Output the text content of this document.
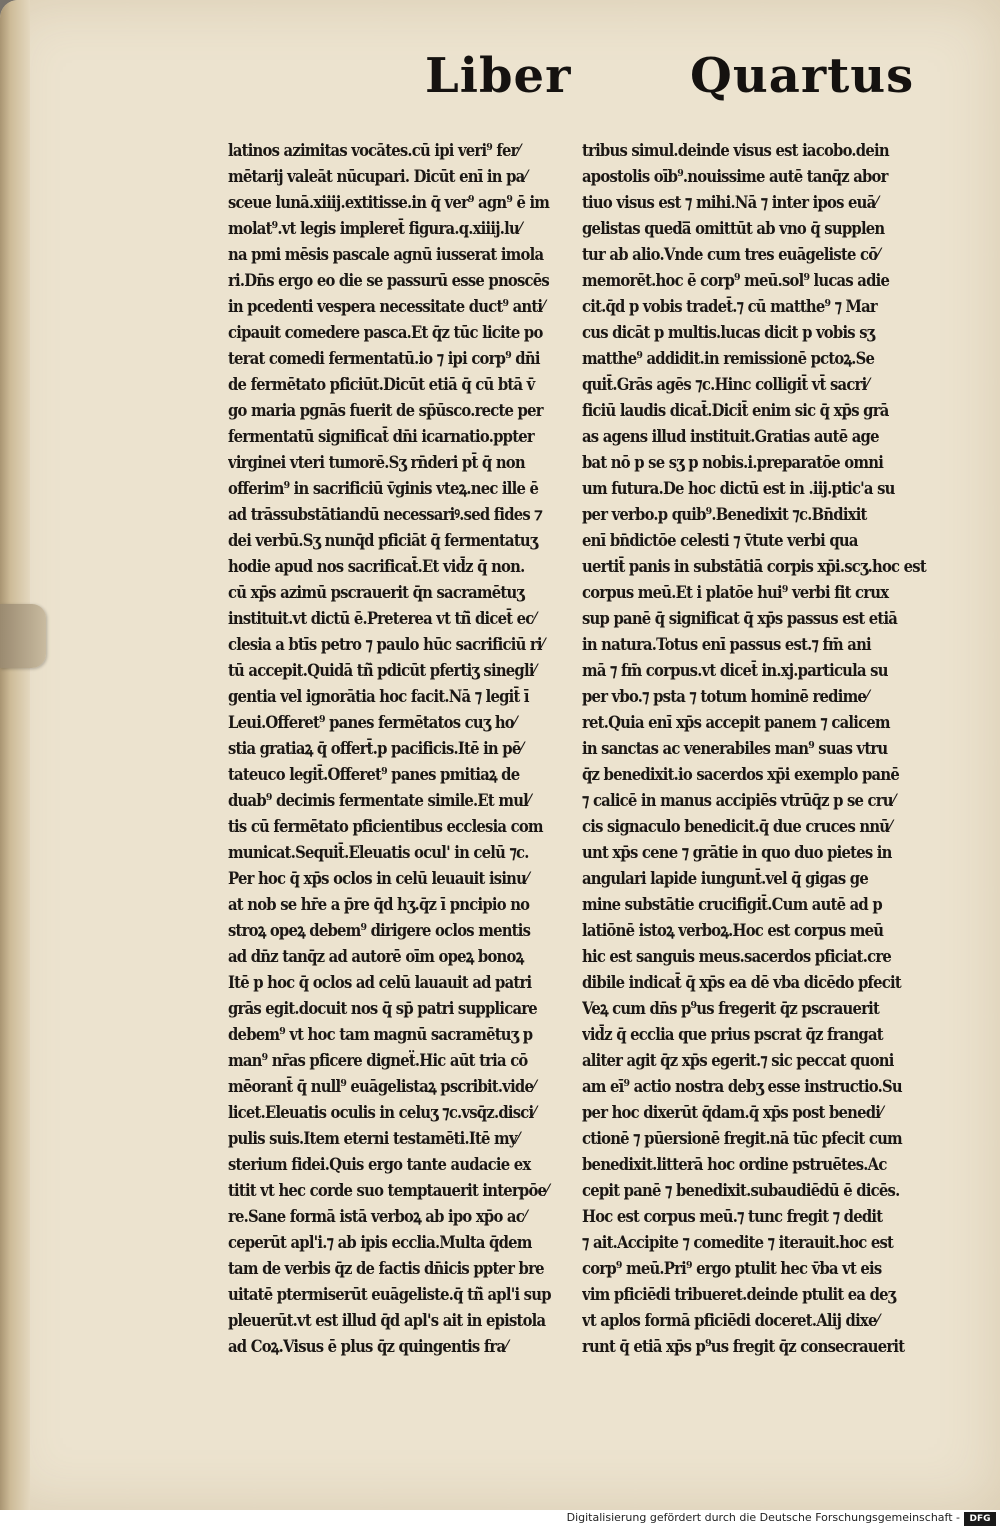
Liber Quartus
latinos azimitas vocātes.cū ipi veri⁹ fer⁄
mētarij valeāt nūcupari. Dicūt enī in pa⁄
sceue lunā.xiiij.extitisse.in q̄ ver⁹ agn⁹ ē im
molat⁹.vt legis impleret̄ figura.q.xiiij.lu⁄
na pmi mēsis pascale agnū iusserat imola
ri.Dn̄s ergo eo die se passurū esse pnoscēs
in pcedenti vespera necessitate duct⁹ anti⁄
cipauit comedere pasca.Et q̄z tūc licite po
terat comedi fermentatū.io ⁊ ipi corp⁹ dn̄i
de fermētato pficiūt.Dicūt etiā q̄ cū btā v̄
go maria pgnās fuerit de sp̄ūsco.recte per
fermentatū significat̄ dn̄i icarnatio.ppter
virginei vteri tumorē.Sʒ rn̄deri pt̄ q̄ non
offerim⁹ in sacrificiū v̄ginis vteꝝ.nec ille ē
ad trāssubstātiandū necessariꝰ.sed fides ⁊
dei verbū.Sʒ nunq̄d pficiāt q̄ fermentatuʒ
hodie apud nos sacrificat̄.Et vid̄z q̄ non.
cū xp̄s azimū pscrauerit q̄n sacramētuʒ
instituit.vt dictū ē.Preterea vt tñ̄ dicet̄ ec⁄
clesia a btīs petro ⁊ paulo hūc sacrificiū ri⁄
tū accepit.Quidā tñ̄ pdicūt pfertiʒ sinegli⁄
gentia vel ignorātia hoc facit.Nā ⁊ legit̄ ī
Leui.Offeret⁹ panes fermētatos cuʒ ho⁄
stia gratiaꝝ q̄ offert̄.p pacificis.Itē in pē⁄
tateuco legit̄.Offeret⁹ panes pmitiaꝝ de
duab⁹ decimis fermentate simile.Et mul⁄
tis cū fermētato pficientibus ecclesia com
municat.Sequit̄.Eleuatis ocul' in celū ⁊c.
Per hoc q̄ xp̄s oclos in celū leuauit isinu⁄
at nob se hr̄e a p̄re q̄d hʒ.q̄z ī pncipio no
stroꝝ opeꝝ debem⁹ dirigere oclos mentis
ad dn̄z tanq̄z ad autorē oīm opeꝝ bonoꝝ
Itē p hoc q̄ oclos ad celū lauauit ad patri
grās egit.docuit nos q̄ sp̄ patri supplicare
debem⁹ vt hoc tam magnū sacramētuʒ p
man⁹ nr̄as pficere digneẗ.Hic aūt tria cō
mēorant̄ q̄ null⁹ euāgelistaꝝ pscribit.vide⁄
licet.Eleuatis oculis in celuʒ ⁊c.vsq̄z.disci⁄
pulis suis.Item eterni testamēti.Itē my⁄
sterium fidei.Quis ergo tante audacie ex
titit vt hec corde suo temptauerit interpōe⁄
re.Sane formā istā verboꝝ ab ipo xp̄o ac⁄
ceperūt apl'i.⁊ ab ipis ecclia.Multa q̄dem
tam de verbis q̄z de factis dn̄icis ppter bre
uitatē ptermiserūt euāgeliste.q̄ tñ̄ apl'i sup
pleuerūt.vt est illud q̄d apl's ait in epistola
ad Coꝝ.Visus ē plus q̄z quingentis fra⁄
tribus simul.deinde visus est iacobo.dein
apostolis oīb⁹.nouissime autē tanq̄z abor
tiuo visus est ⁊ mihi.Nā ⁊ inter ipos euā⁄
gelistas queda̅ omittūt ab vno q̄ supplen
tur ab alio.Vnde cum tres euāgeliste cō⁄
memorēt.hoc ē corp⁹ meū.sol⁹ lucas adie
cit.q̄d p vobis tradet̄.⁊ cū matthe⁹ ⁊ Mar
cus dicāt p multis.lucas dicit p vobis sʒ
matthe⁹ addidit.in remissionē pctoꝝ.Se
quit̄.Grās agēs ⁊c.Hinc colligit̄ vt̄ sacri⁄
ficiū laudis dicat̄.Dicit̄ enim sic q̄ xp̄s grā
as agens illud instituit.Gratias autē age
bat nō p se sʒ p nobis.i.preparatōe omni
um futura.De hoc dictū est in .iij.ptic'a su
per verbo.p quib⁹.Benedixit ⁊c.Bn̄dixit
enī bn̄dictōe celesti ⁊ v̄tute verbi qua
uertit̄ panis in substātiā corpis xp̄i.scʒ.hoc est
corpus meū.Et i platōe hui⁹ verbi fit crux
sup panē q̄ significat q̄ xp̄s passus est etiā
in natura.Totus enī passus est.⁊ fm̄ ani
mā ⁊ fm̄ corpus.vt dicet̄ in.xj.particula su
per vbo.⁊ psta ⁊ totum hominē redime⁄
ret.Quia enī xp̄s accepit panem ⁊ calicem
in sanctas ac venerabiles man⁹ suas vtru
q̄z benedixit.io sacerdos xp̄i exemplo panē
⁊ calicē in manus accipiēs vtrūq̄z p se cru⁄
cis signaculo benedicit.q̄ due cruces nnū⁄
unt xp̄s cene ⁊ grātie in quo duo pietes in
angulari lapide iungunt̄.vel q̄ gigas ge
mine substātie crucifigit̄.Cum autē ad p
latiōnē istoꝝ verboꝝ.Hoc est corpus meū
hic est sanguis meus.sacerdos pficiat.cre
dibile indicat̄ q̄ xp̄s ea dē vba dicēdo pfecit
Veꝝ cum dn̄s p⁹us fregerit q̄z pscrauerit
vid̄z q̄ ecclia que prius pscrat q̄z frangat
aliter agit q̄z xp̄s egerit.⁊ sic peccat quoni
am eī⁹ actio nostra debʒ esse instructio.Su
per hoc dixerūt q̄dam.q̄ xp̄s post benedi⁄
ctionē ⁊ pūersionē fregit.nā tūc pfecit cum
benedixit.litterā hoc ordine pstruētes.Ac
cepit panē ⁊ benedixit.subaudiēdū ē dicēs.
Hoc est corpus meū.⁊ tunc fregit ⁊ dedit
⁊ ait.Accipite ⁊ comedite ⁊ iterauit.hoc est
corp⁹ meū.Pri⁹ ergo ptulit hec v̄ba vt eis
vim pficiēdi tribueret.deinde ptulit ea deʒ
vt aplos formā pficiēdi doceret.Alij dixe⁄
runt q̄ etiā xp̄s p⁹us fregit q̄z consecrauerit
Digitalisierung gefördert durch die Deutsche Forschungsgemeinschaft -	DFG
